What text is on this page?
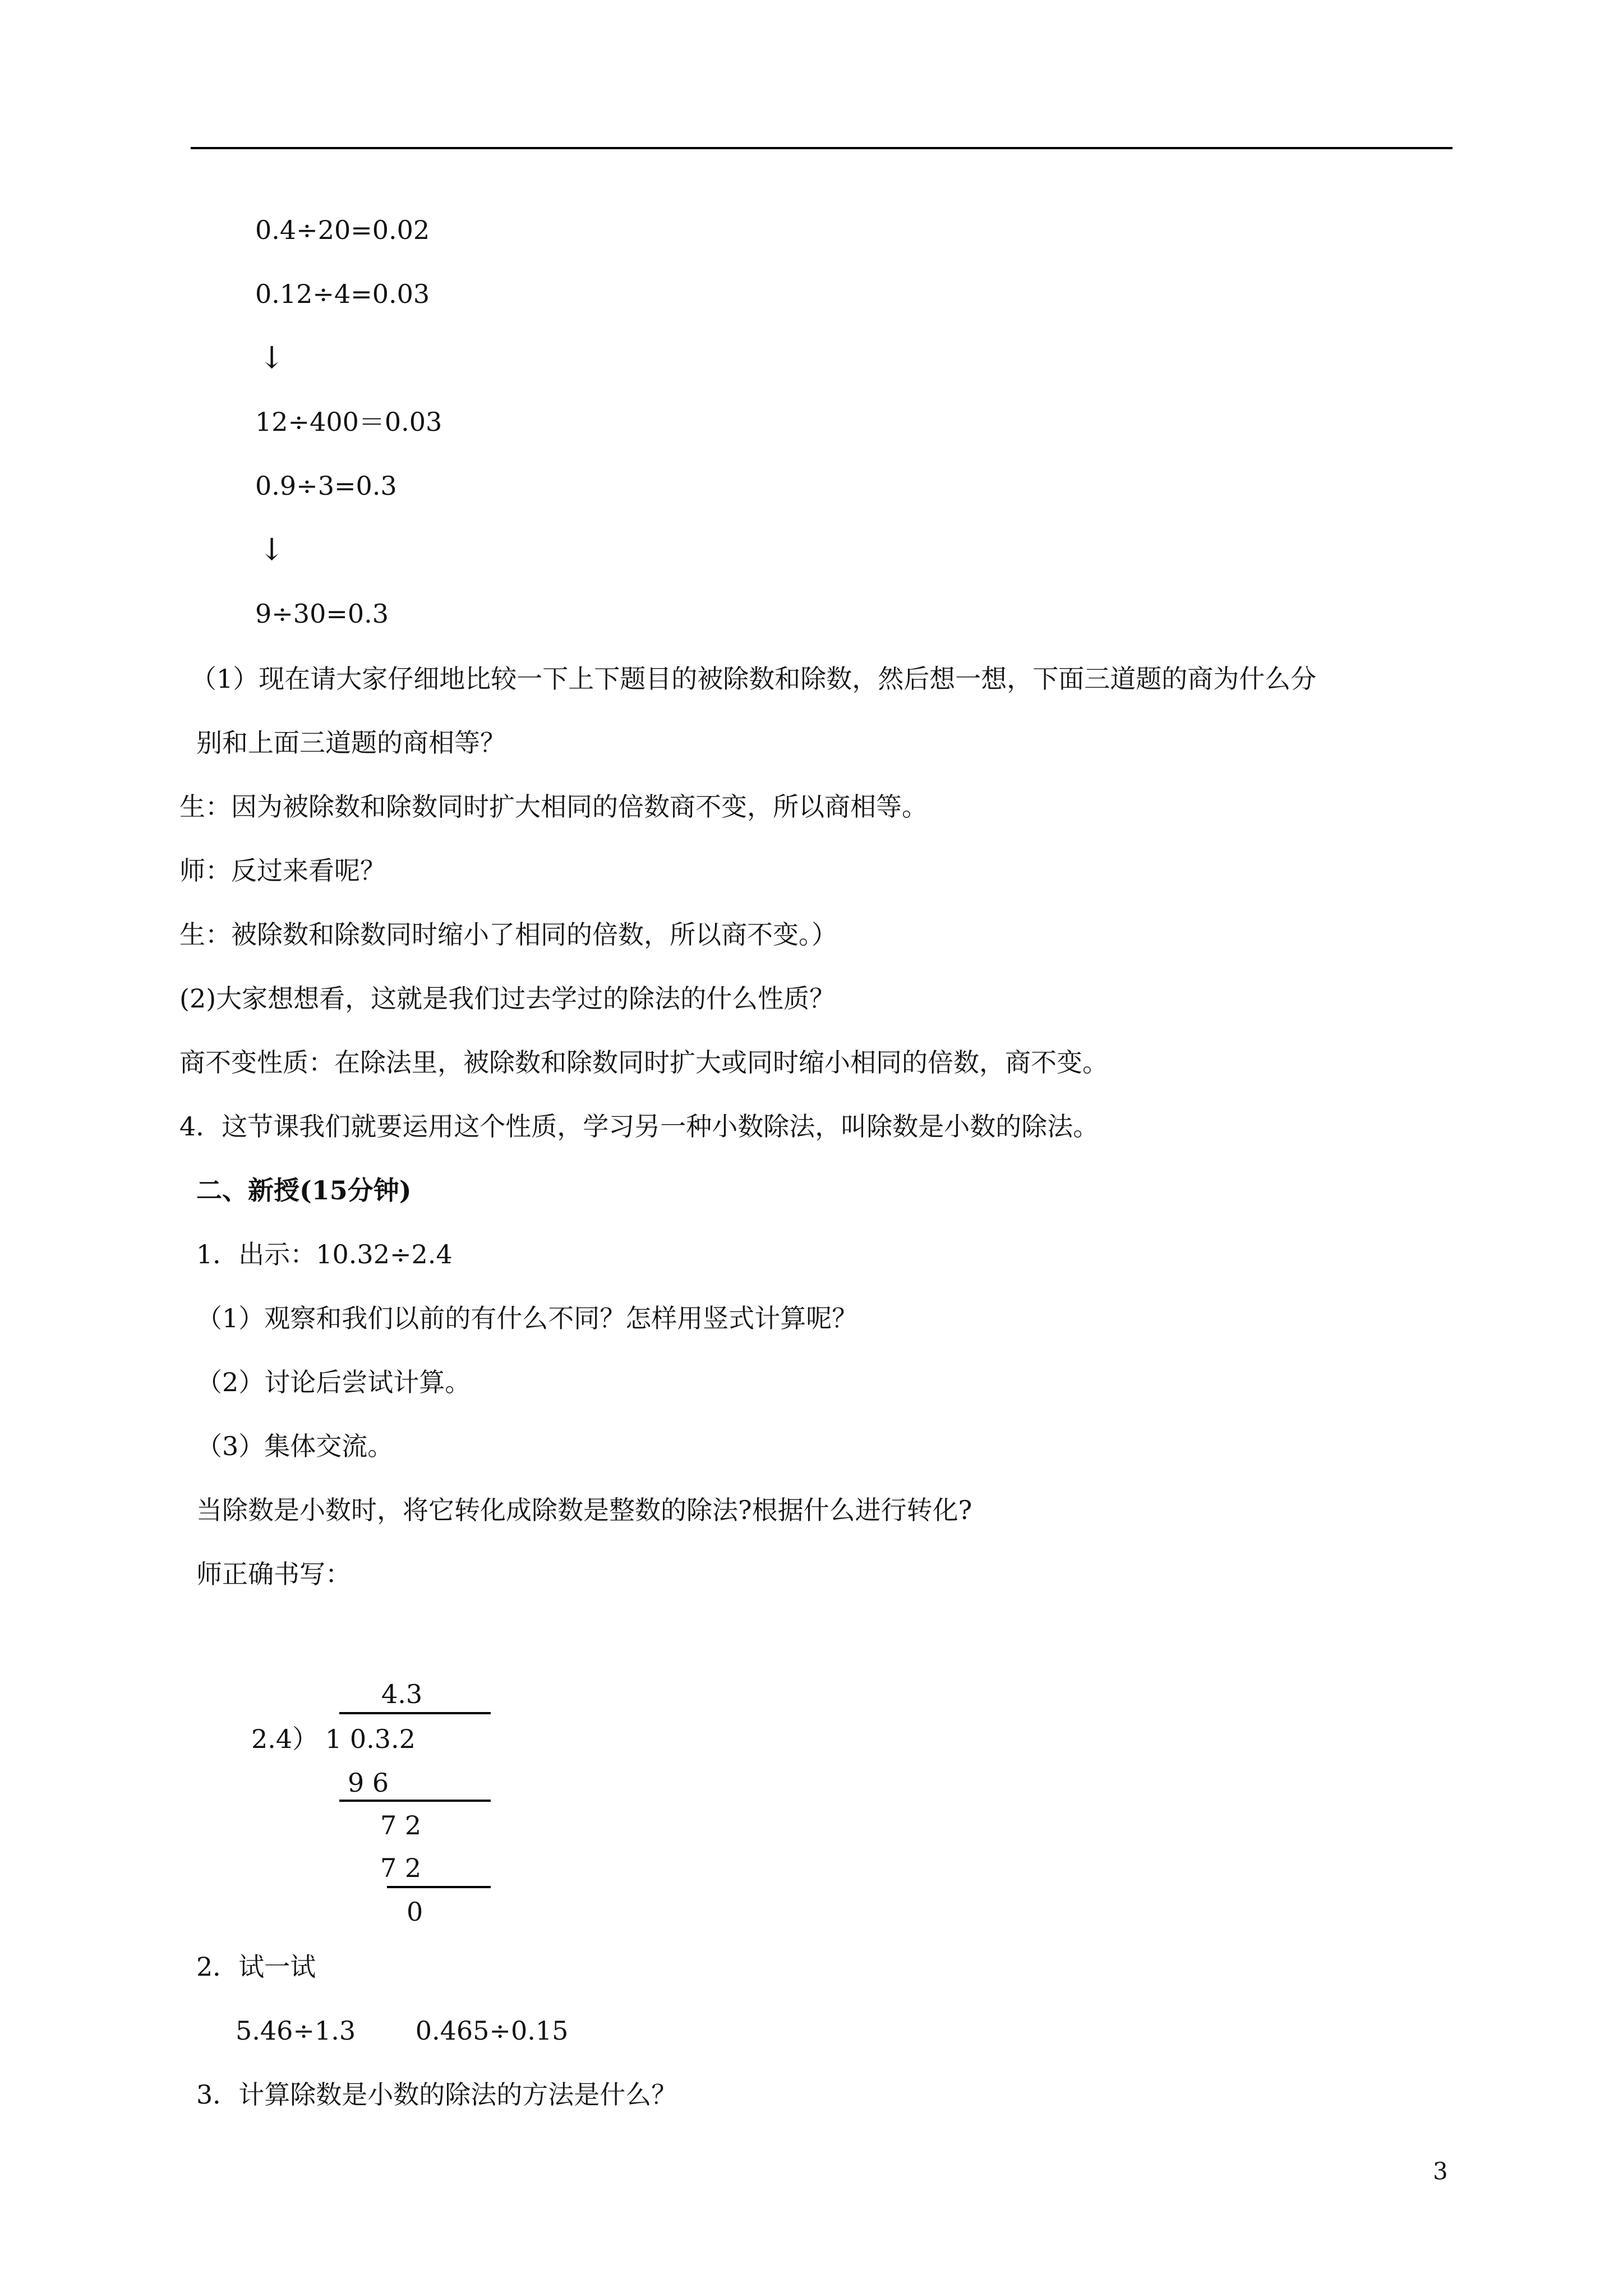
0.4÷20=0.02
0.12÷4=0.03
↓
12÷400＝0.03
0.9÷3=0.3
↓
9÷30=0.3
（1）现在请大家仔细地比较一下上下题目的被除数和除数，然后想一想，下面三道题的商为什么分
别和上面三道题的商相等？
生：因为被除数和除数同时扩大相同的倍数商不变，所以商相等。
师：反过来看呢？
生：被除数和除数同时缩小了相同的倍数，所以商不变。）
(2)大家想想看，这就是我们过去学过的除法的什么性质？
商不变性质：在除法里，被除数和除数同时扩大或同时缩小相同的倍数，商不变。
4．这节课我们就要运用这个性质，学习另一种小数除法，叫除数是小数的除法。
二、新授(15分钟)
1．出示：10.32÷2.4
（1）观察和我们以前的有什么不同？怎样用竖式计算呢？
（2）讨论后尝试计算。
（3）集体交流。
当除数是小数时，将它转化成除数是整数的除法?根据什么进行转化?
师正确书写：
4.3
2.4） 1 0.3.2
9 6
7 2
7 2
0
2．试一试
5.46÷1.3　　 0.465÷0.15
3．计算除数是小数的除法的方法是什么？
3
